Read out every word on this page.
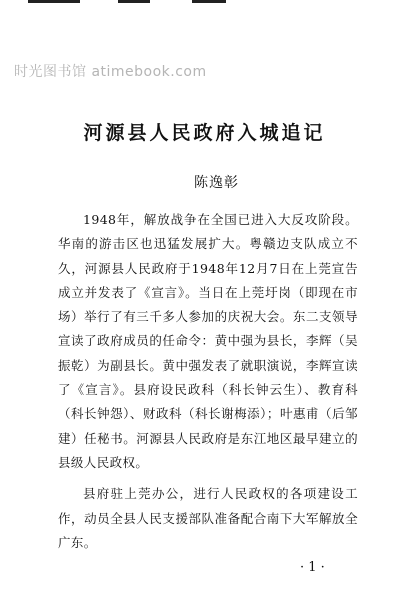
时光图书馆 atimebook.com
河源县人民政府入城追记
陈逸彰

1948年，解放战争在全国已进入大反攻阶段。华南的游击区也迅猛发展扩大。粤赣边支队成立不久，河源县人民政府于1948年12月7日在上莞宣告成立并发表了《宣言》。当日在上莞圩岗（即现在市场）举行了有三千多人参加的庆祝大会。东二支领导宣读了政府成员的任命令：黄中强为县长，李辉（吴振乾）为副县长。黄中强发表了就职演说，李辉宣读了《宣言》。县府设民政科（科长钟云生）、教育科（科长钟怨）、财政科（科长谢梅添）；叶惠甫（后邹建）任秘书。河源县人民政府是东江地区最早建立的县级人民政权。

县府驻上莞办公，进行人民政权的各项建设工作，动员全县人民支援部队准备配合南下大军解放全广东。

· 1 ·
